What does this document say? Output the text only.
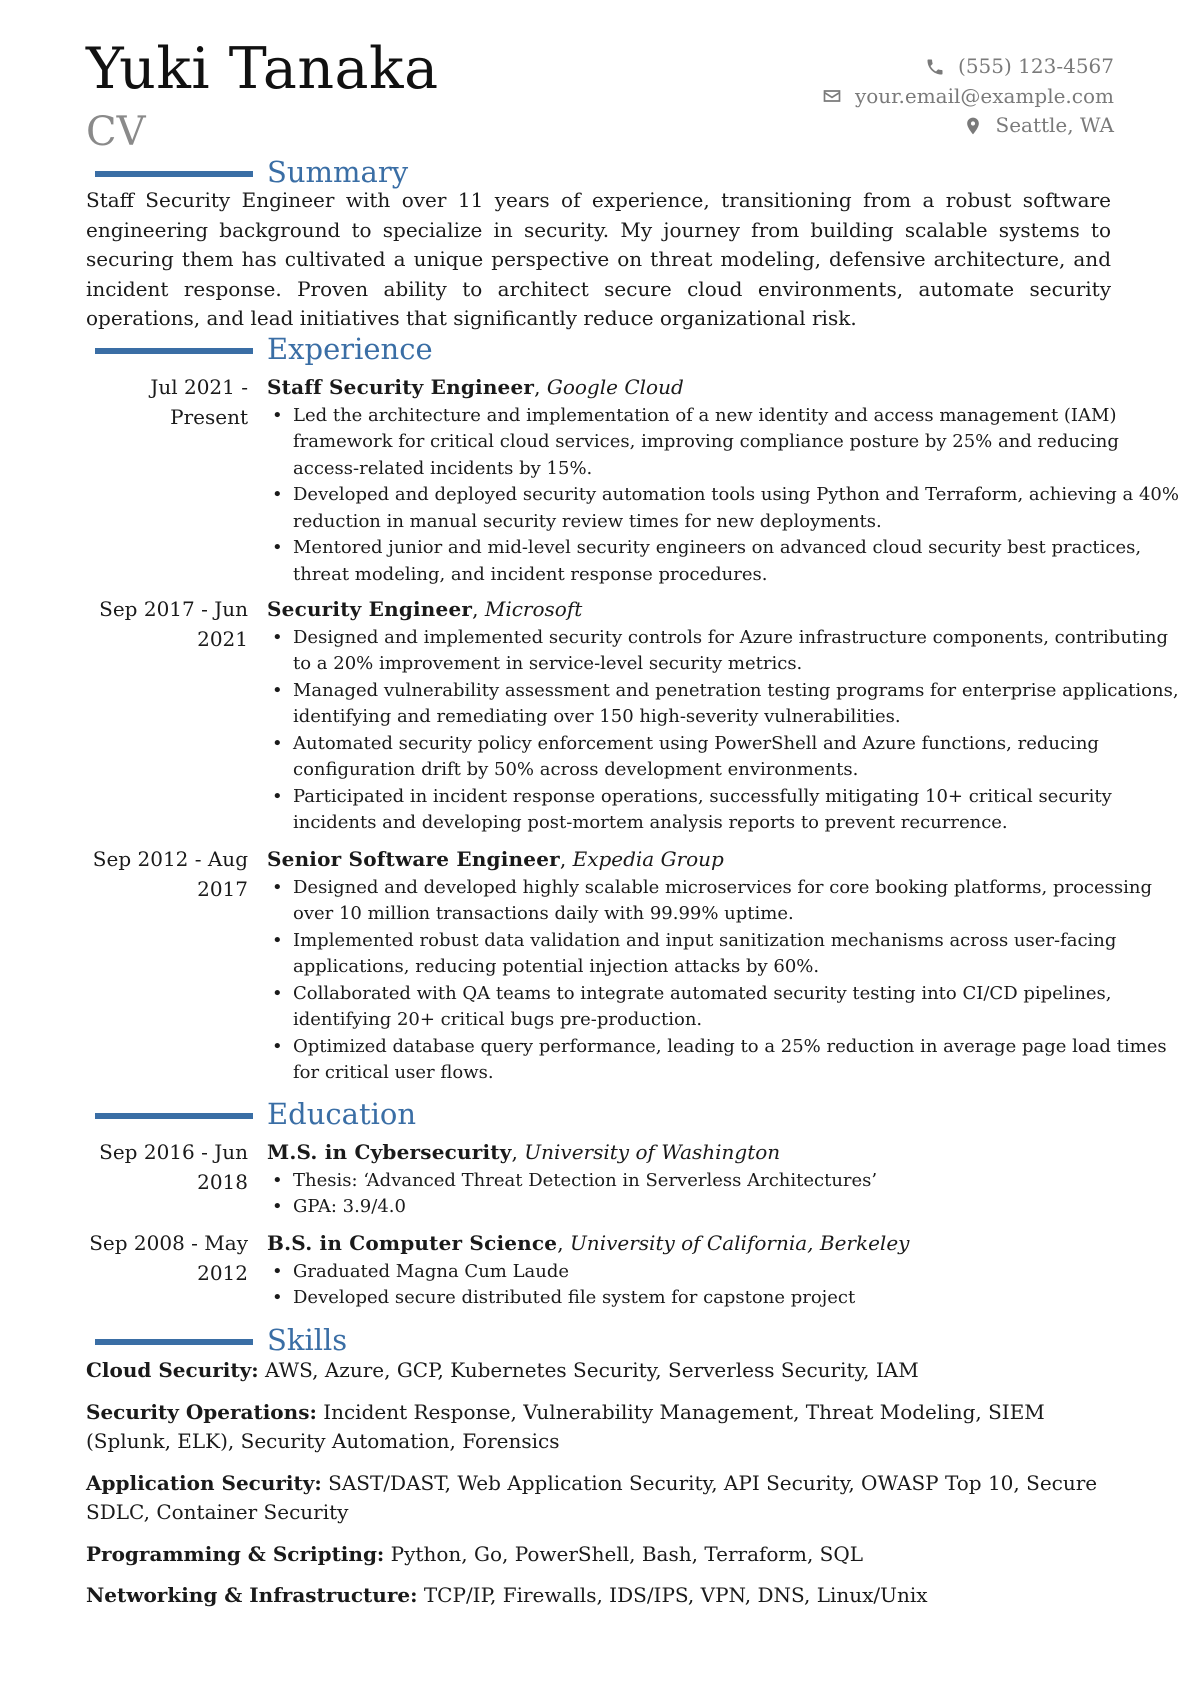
Yuki Tanaka
CV
(555) 123-4567
your.email@example.com
Seattle, WA
Summary
Staff Security Engineer with over 11 years of experience, transitioning from a robust software engineering background to specialize in security. My journey from building scalable systems to securing them has cultivated a unique perspective on threat modeling, defensive architecture, and incident response. Proven ability to architect secure cloud environments, automate security operations, and lead initiatives that significantly reduce organizational risk.
Experience
Jul 2021 - Present
Staff Security Engineer, Google Cloud
• Led the architecture and implementation of a new identity and access management (IAM) framework for critical cloud services, improving compliance posture by 25% and reducing access-related incidents by 15%.
• Developed and deployed security automation tools using Python and Terraform, achieving a 40% reduction in manual security review times for new deployments.
• Mentored junior and mid-level security engineers on advanced cloud security best practices, threat modeling, and incident response procedures.
Sep 2017 - Jun 2021
Security Engineer, Microsoft
• Designed and implemented security controls for Azure infrastructure components, contributing to a 20% improvement in service-level security metrics.
• Managed vulnerability assessment and penetration testing programs for enterprise applications, identifying and remediating over 150 high-severity vulnerabilities.
• Automated security policy enforcement using PowerShell and Azure functions, reducing configuration drift by 50% across development environments.
• Participated in incident response operations, successfully mitigating 10+ critical security incidents and developing post-mortem analysis reports to prevent recurrence.
Sep 2012 - Aug 2017
Senior Software Engineer, Expedia Group
• Designed and developed highly scalable microservices for core booking platforms, processing over 10 million transactions daily with 99.99% uptime.
• Implemented robust data validation and input sanitization mechanisms across user-facing applications, reducing potential injection attacks by 60%.
• Collaborated with QA teams to integrate automated security testing into CI/CD pipelines, identifying 20+ critical bugs pre-production.
• Optimized database query performance, leading to a 25% reduction in average page load times for critical user flows.
Education
Sep 2016 - Jun 2018
M.S. in Cybersecurity, University of Washington
• Thesis: ‘Advanced Threat Detection in Serverless Architectures’
• GPA: 3.9/4.0
Sep 2008 - May 2012
B.S. in Computer Science, University of California, Berkeley
• Graduated Magna Cum Laude
• Developed secure distributed file system for capstone project
Skills
Cloud Security: AWS, Azure, GCP, Kubernetes Security, Serverless Security, IAM
Security Operations: Incident Response, Vulnerability Management, Threat Modeling, SIEM (Splunk, ELK), Security Automation, Forensics
Application Security: SAST/DAST, Web Application Security, API Security, OWASP Top 10, Secure SDLC, Container Security
Programming & Scripting: Python, Go, PowerShell, Bash, Terraform, SQL
Networking & Infrastructure: TCP/IP, Firewalls, IDS/IPS, VPN, DNS, Linux/Unix
